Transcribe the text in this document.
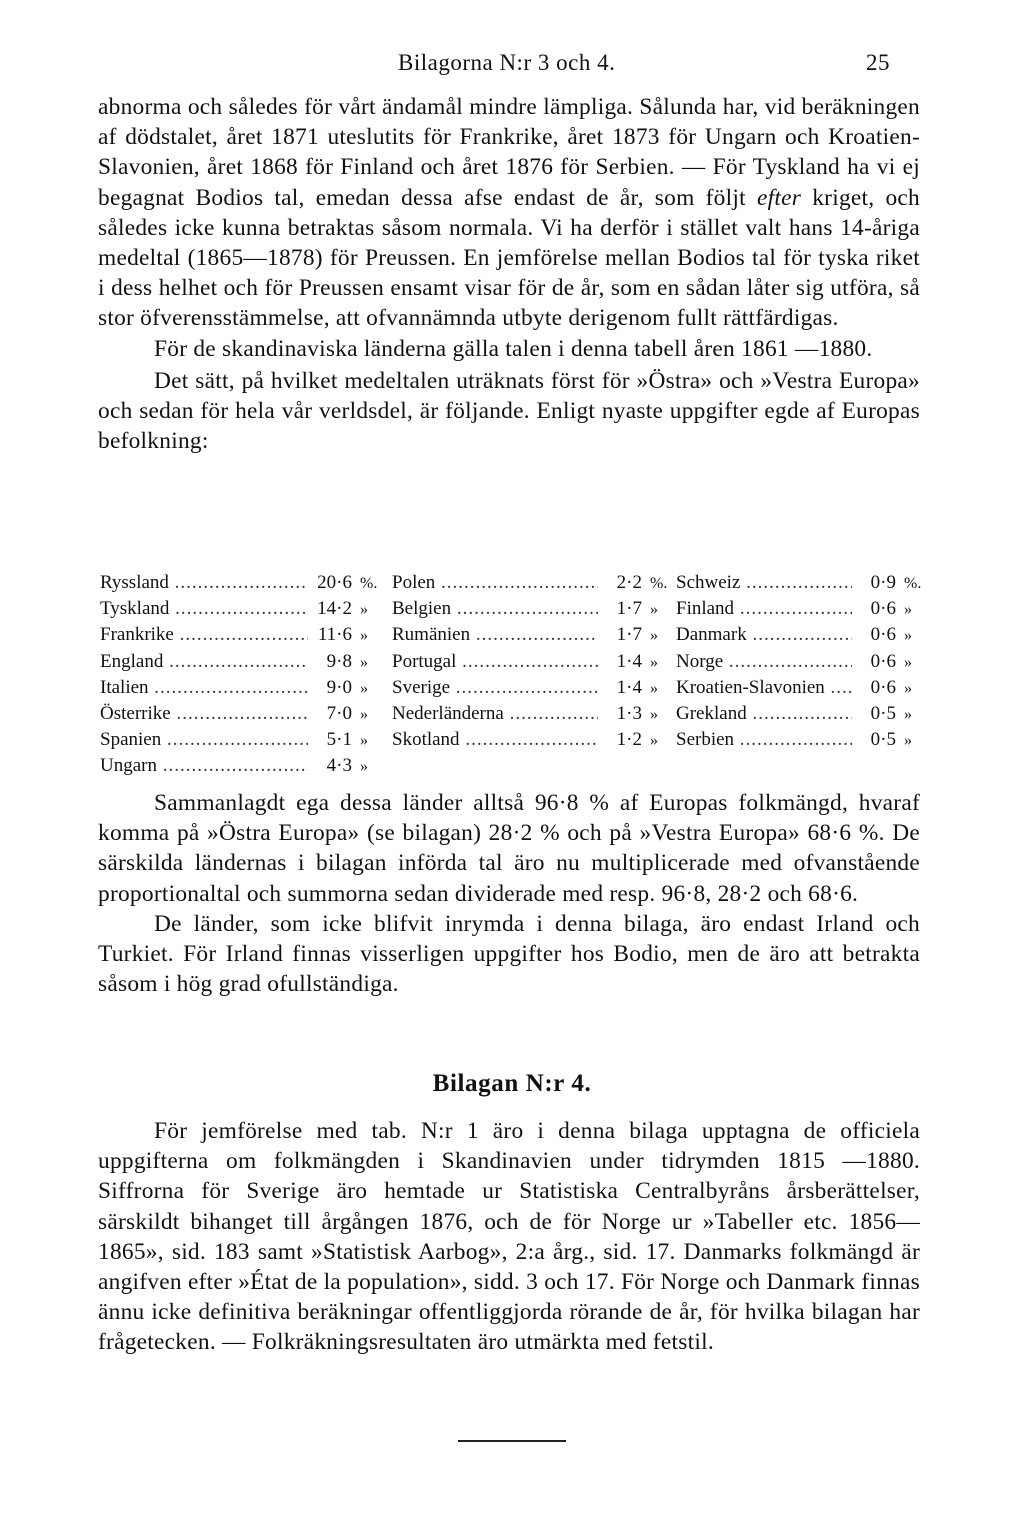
Bilagorna N:r 3 och 4.	25

abnorma och således för vårt ändamål mindre lämpliga. Sålunda har, vid beräkningen af dödstalet, året 1871 uteslutits för Frankrike, året 1873 för Ungarn och Kroatien-Slavonien, året 1868 för Finland och året 1876 för Serbien. — För Tyskland ha vi ej begagnat Bodios tal, emedan dessa afse endast de år, som följt efter kriget, och således icke kunna betraktas såsom normala. Vi ha derför i stället valt hans 14-åriga medeltal (1865—1878) för Preussen. En jemförelse mellan Bodios tal för tyska riket i dess helhet och för Preussen ensamt visar för de år, som en sådan låter sig utföra, så stor öfverensstämmelse, att ofvannämnda utbyte derigenom fullt rättfärdigas.

För de skandinaviska länderna gälla talen i denna tabell åren 1861 —1880.

Det sätt, på hvilket medeltalen uträknats först för »Östra» och »Vestra Europa» och sedan för hela vår verldsdel, är följande. Enligt nyaste uppgifter egde af Europas befolkning:

Ryssland .....	20·6 %.
Tyskland .....	14·2 »
Frankrike .....	11·6 »
England .....	9·8 »
Italien .....	9·0 »
Österrike .....	7·0 »
Spanien .....	5·1 »
Ungarn .....	4·3 »
Polen .....	2·2 %.
Belgien .....	1·7 »
Rumänien .....	1·7 »
Portugal .....	1·4 »
Sverige .....	1·4 »
Nederländerna .....	1·3 »
Skotland .....	1·2 »
Schweiz .....	0·9 %.
Finland .....	0·6 »
Danmark .....	0·6 »
Norge .....	0·6 »
Kroatien-Slavonien .....	0·6 »
Grekland .....	0·5 »
Serbien .....	0·5 »

Sammanlagdt ega dessa länder alltså 96·8 % af Europas folkmängd, hvaraf komma på »Östra Europa» (se bilagan) 28·2 % och på »Vestra Europa» 68·6 %. De särskilda ländernas i bilagan införda tal äro nu multiplicerade med ofvanstående proportionaltal och summorna sedan dividerade med resp. 96·8, 28·2 och 68·6.

De länder, som icke blifvit inrymda i denna bilaga, äro endast Irland och Turkiet. För Irland finnas visserligen uppgifter hos Bodio, men de äro att betrakta såsom i hög grad ofullständiga.

Bilagan N:r 4.

För jemförelse med tab. N:r 1 äro i denna bilaga upptagna de officiela uppgifterna om folkmängden i Skandinavien under tidrymden 1815 —1880. Siffrorna för Sverige äro hemtade ur Statistiska Centralbyråns årsberättelser, särskildt bihanget till årgången 1876, och de för Norge ur »Tabeller etc. 1856—1865», sid. 183 samt »Statistisk Aarbog», 2:a årg., sid. 17. Danmarks folkmängd är angifven efter »État de la population», sidd. 3 och 17. För Norge och Danmark finnas ännu icke definitiva beräkningar offentliggjorda rörande de år, för hvilka bilagan har frågetecken. — Folkräkningsresultaten äro utmärkta med fetstil.
